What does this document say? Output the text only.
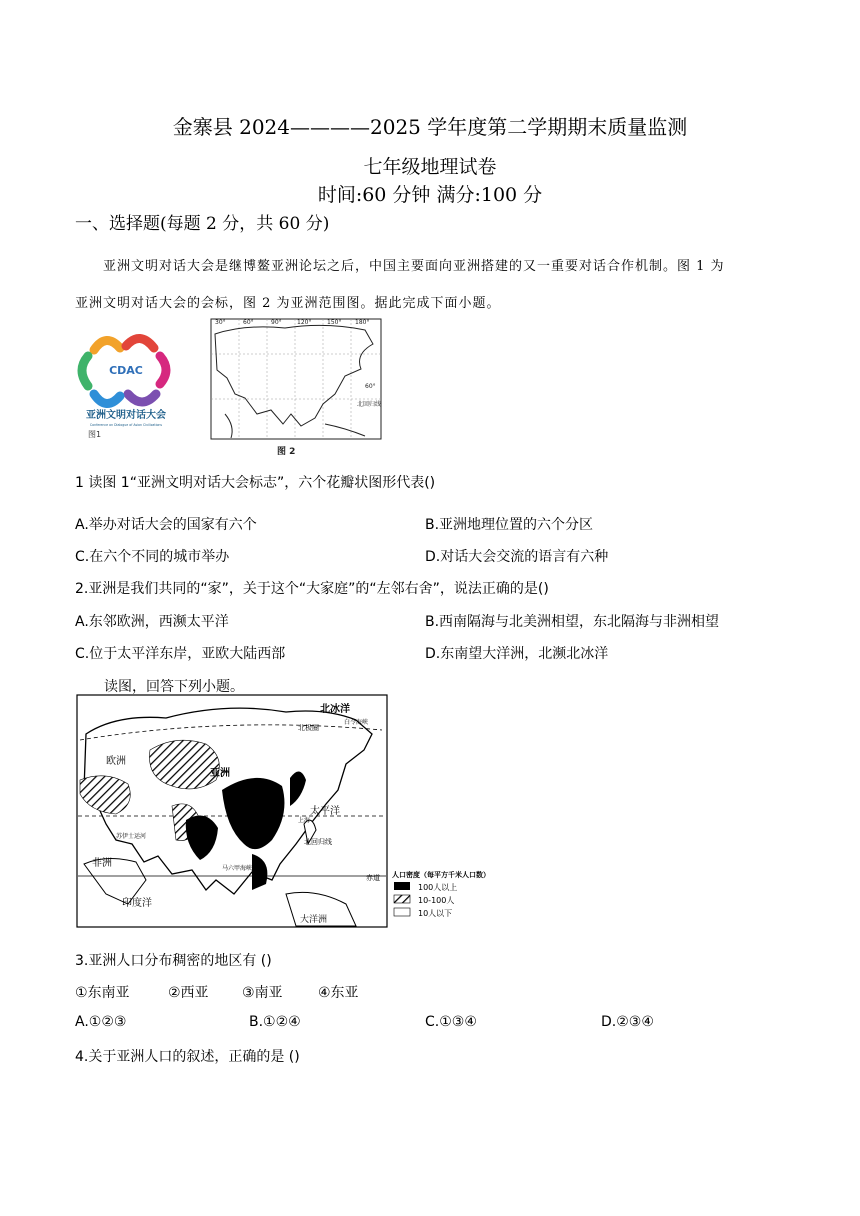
金寨县 2024————2025 学年度第二学期期末质量监测
七年级地理试卷
时间:60 分钟 满分:100 分
一、选择题(每题 2 分，共 60 分)
亚洲文明对话大会是继博鳌亚洲论坛之后，中国主要面向亚洲搭建的又一重要对话合作机制。图 1 为
亚洲文明对话大会的会标，图 2 为亚洲范围图。据此完成下面小题。
CDAC
亚洲文明对话大会
Conference on Dialogue of Asian Civilizations
图1
30°	60°	90°	120°	150° 180°
60°
北回归线
图 2
1 读图 1“亚洲文明对话大会标志”，六个花瓣状图形代表()
A.举办对话大会的国家有六个	B.亚洲地理位置的六个分区
C.在六个不同的城市举办	D.对话大会交流的语言有六种
2.亚洲是我们共同的“家”，关于这个“大家庭”的“左邻右舍”，说法正确的是()
A.东邻欧洲，西濒太平洋	B.西南隔海与北美洲相望，东北隔海与非洲相望
C.位于太平洋东岸，亚欧大陆西部	D.东南望大洋洲，北濒北冰洋
读图，回答下列小题。
北冰洋
白令海峡
北极圈
欧洲
亚洲
太平洋
上海
北回归线
非洲
苏伊士运河
马六甲海峡
赤道
印度洋
大洋洲
人口密度（每平方千米人口数）
100人以上
10-100人
10人以下
3.亚洲人口分布稠密的地区有 ()
①东南亚	②西亚 ③南亚	④东亚
A.①②③	B.①②④	C.①③④	D.②③④
4.关于亚洲人口的叙述，正确的是 ()
